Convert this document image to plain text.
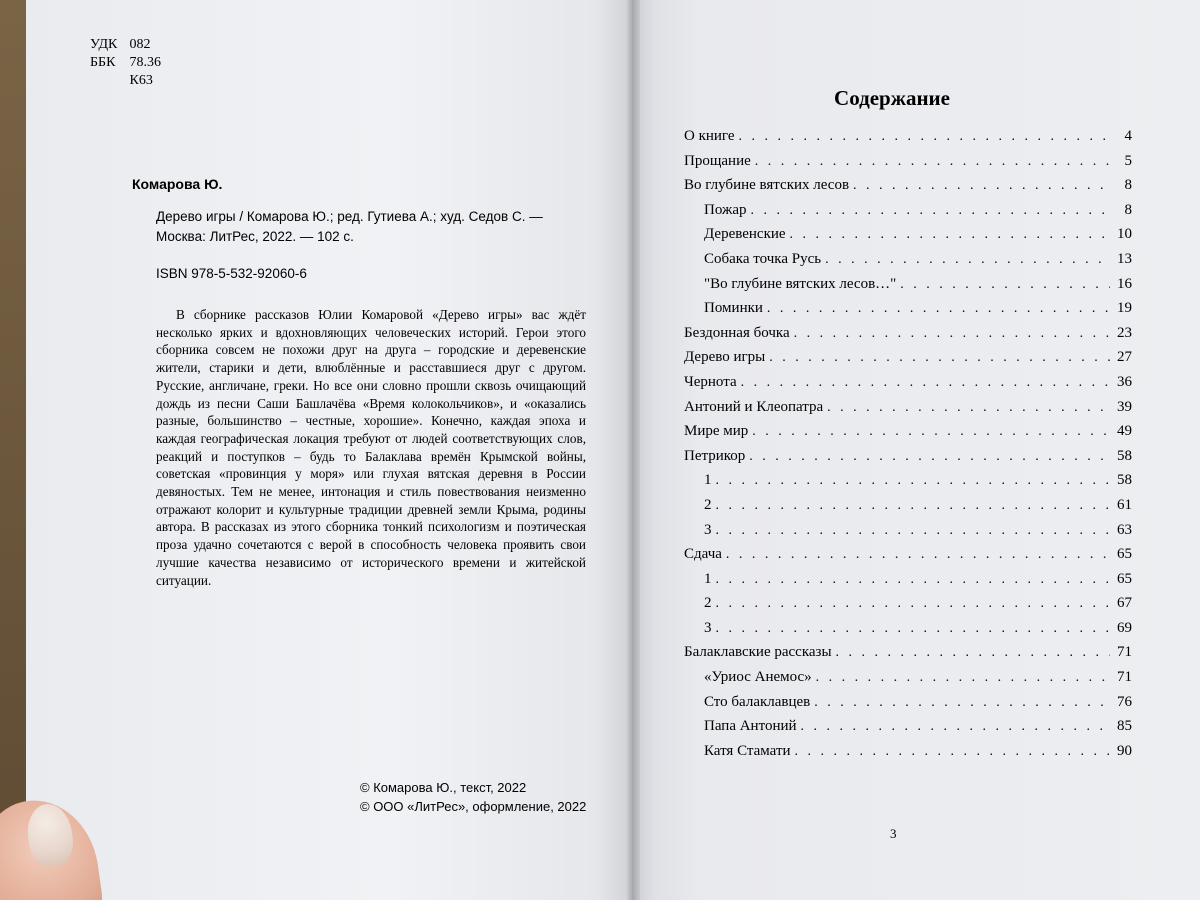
УДК 082
ББК 78.36
К63
Комарова Ю.
Дерево игры / Комарова Ю.; ред. Гутиева А.; худ. Седов С. —
Москва: ЛитРес, 2022. — 102 с.
ISBN 978-5-532-92060-6
В сборнике рассказов Юлии Комаровой «Дерево игры» вас ждёт несколько ярких и вдохновляющих человеческих историй. Герои этого сборника совсем не похожи друг на друга – городские и деревенские жители, старики и дети, влюблённые и расставшиеся друг с другом. Русские, англичане, греки. Но все они словно прошли сквозь очищающий дождь из песни Саши Башлачёва «Время колокольчиков», и «оказались разные, большинство – честные, хорошие». Конечно, каждая эпоха и каждая географическая локация требуют от людей соответствующих слов, реакций и поступков – будь то Балаклава времён Крымской войны, советская «провинция у моря» или глухая вятская деревня в России девяностых. Тем не менее, интонация и стиль повествования неизменно отражают колорит и культурные традиции древней земли Крыма, родины автора. В рассказах из этого сборника тонкий психологизм и поэтическая проза удачно сочетаются с верой в способность человека проявить свои лучшие качества независимо от исторического времени и житейской ситуации.
© Комарова Ю., текст, 2022
© ООО «ЛитРес», оформление, 2022
Содержание
О книге . . .	4
Прощание . . .	5
Во глубине вятских лесов . . .	8
Пожар . . .	8
Деревенские . . .	10
Собака точка Русь . . .	13
"Во глубине вятских лесов…" . . .	16
Поминки . . .	19
Бездонная бочка . . .	23
Дерево игры . . .	27
Чернота . . .	36
Антоний и Клеопатра . . .	39
Мире мир . . .	49
Петрикор . . .	58
1 . . .	58
2 . . .	61
3 . . .	63
Сдача . . .	65
1 . . .	65
2 . . .	67
3 . . .	69
Балаклавские рассказы . . .	71
«Уриос Анемос» . . .	71
Сто балаклавцев . . .	76
Папа Антоний . . .	85
Катя Стамати . . .	90
3
